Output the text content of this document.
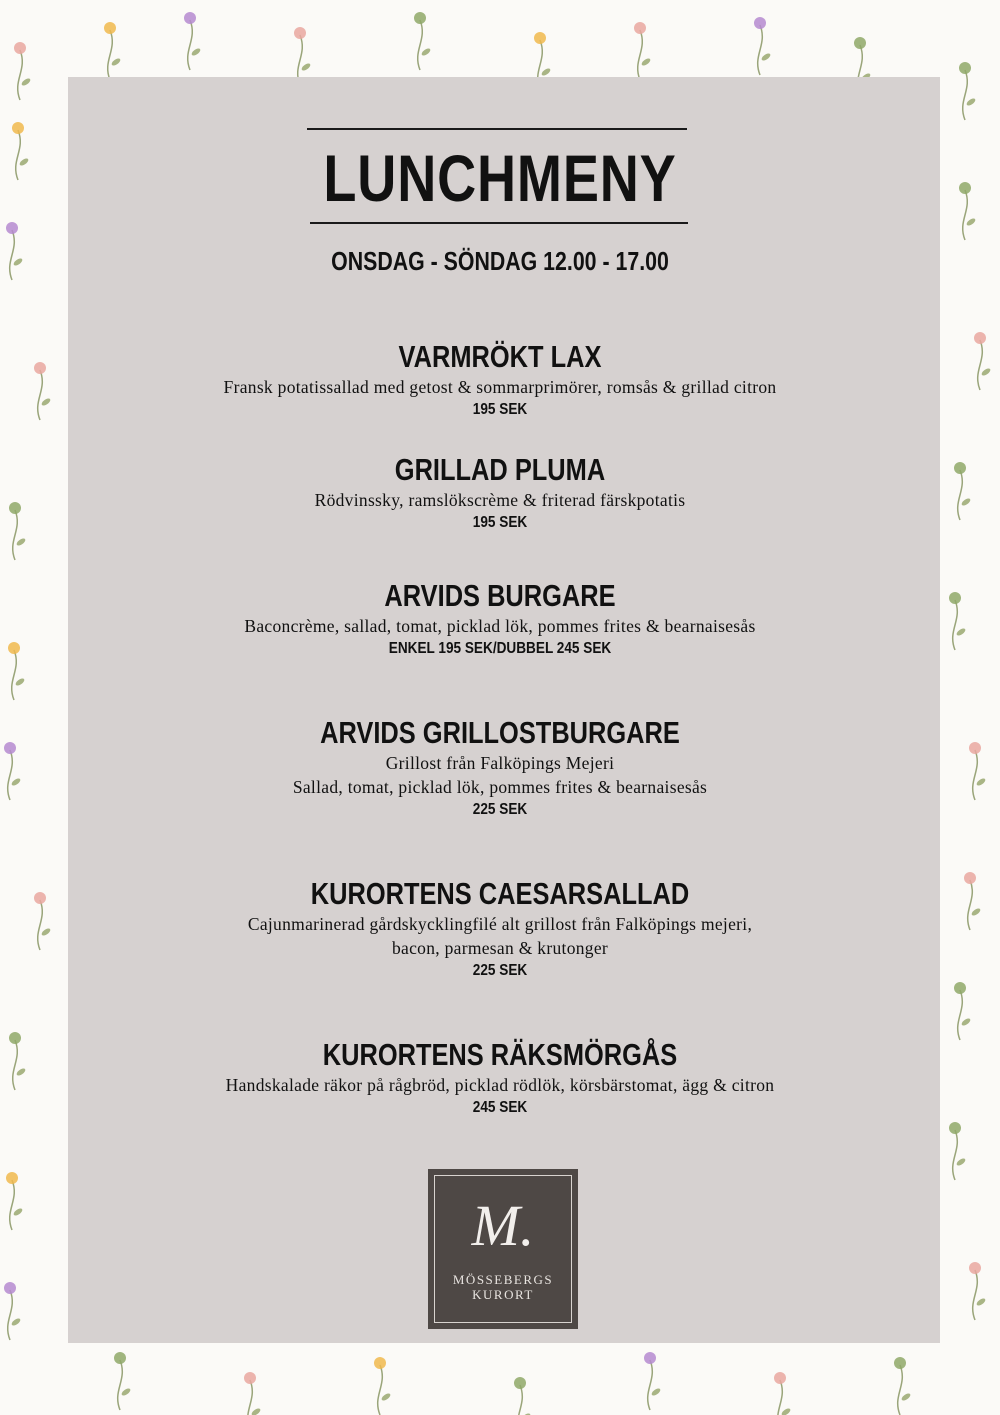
LUNCHMENY
ONSDAG - SÖNDAG 12.00 - 17.00
VARMRÖKT LAX
Fransk potatissallad med getost & sommarprimörer, romsås & grillad citron
195 SEK
GRILLAD PLUMA
Rödvinssky, ramslökscrème & friterad färskpotatis
195 SEK
ARVIDS BURGARE
Baconcrème, sallad, tomat, picklad lök, pommes frites & bearnaisesås
ENKEL 195 SEK/DUBBEL 245 SEK
ARVIDS GRILLOSTBURGARE
Grillost från Falköpings Mejeri
Sallad, tomat, picklad lök, pommes frites & bearnaisesås
225 SEK
KURORTENS CAESARSALLAD
Cajunmarinerad gårdskycklingfilé alt grillost från Falköpings mejeri,
bacon, parmesan & krutonger
225 SEK
KURORTENS RÄKSMÖRGÅS
Handskalade räkor på rågbröd, picklad rödlök, körsbärstomat, ägg & citron
245 SEK
M.
MÖSSEBERGS
KURORT
